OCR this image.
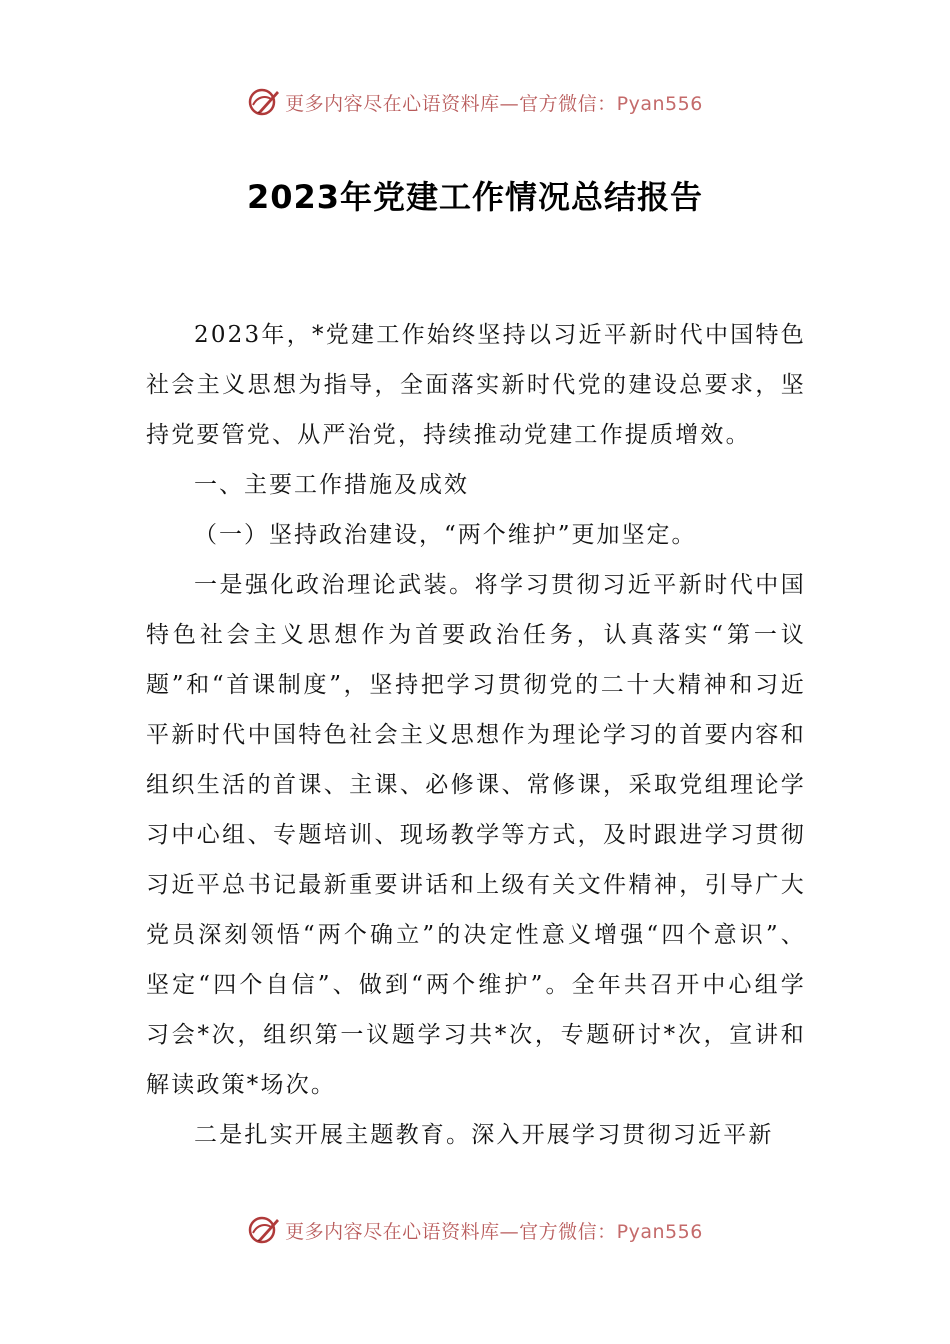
更多内容尽在心语资料库—官方微信：Pyan556
2023年党建工作情况总结报告

2023年，*党建工作始终坚持以习近平新时代中国特色社会主义思想为指导，全面落实新时代党的建设总要求，坚持党要管党、从严治党，持续推动党建工作提质增效。

一、主要工作措施及成效

（一）坚持政治建设，“两个维护”更加坚定。

一是强化政治理论武装。将学习贯彻习近平新时代中国特色社会主义思想作为首要政治任务，认真落实“第一议题”和“首课制度”，坚持把学习贯彻党的二十大精神和习近平新时代中国特色社会主义思想作为理论学习的首要内容和组织生活的首课、主课、必修课、常修课，采取党组理论学习中心组、专题培训、现场教学等方式，及时跟进学习贯彻习近平总书记最新重要讲话和上级有关文件精神，引导广大党员深刻领悟“两个确立”的决定性意义增强“四个意识”、坚定“四个自信”、做到“两个维护”。全年共召开中心组学习会*次，组织第一议题学习共*次，专题研讨*次，宣讲和解读政策*场次。

二是扎实开展主题教育。深入开展学习贯彻习近平新

更多内容尽在心语资料库—官方微信：Pyan556
